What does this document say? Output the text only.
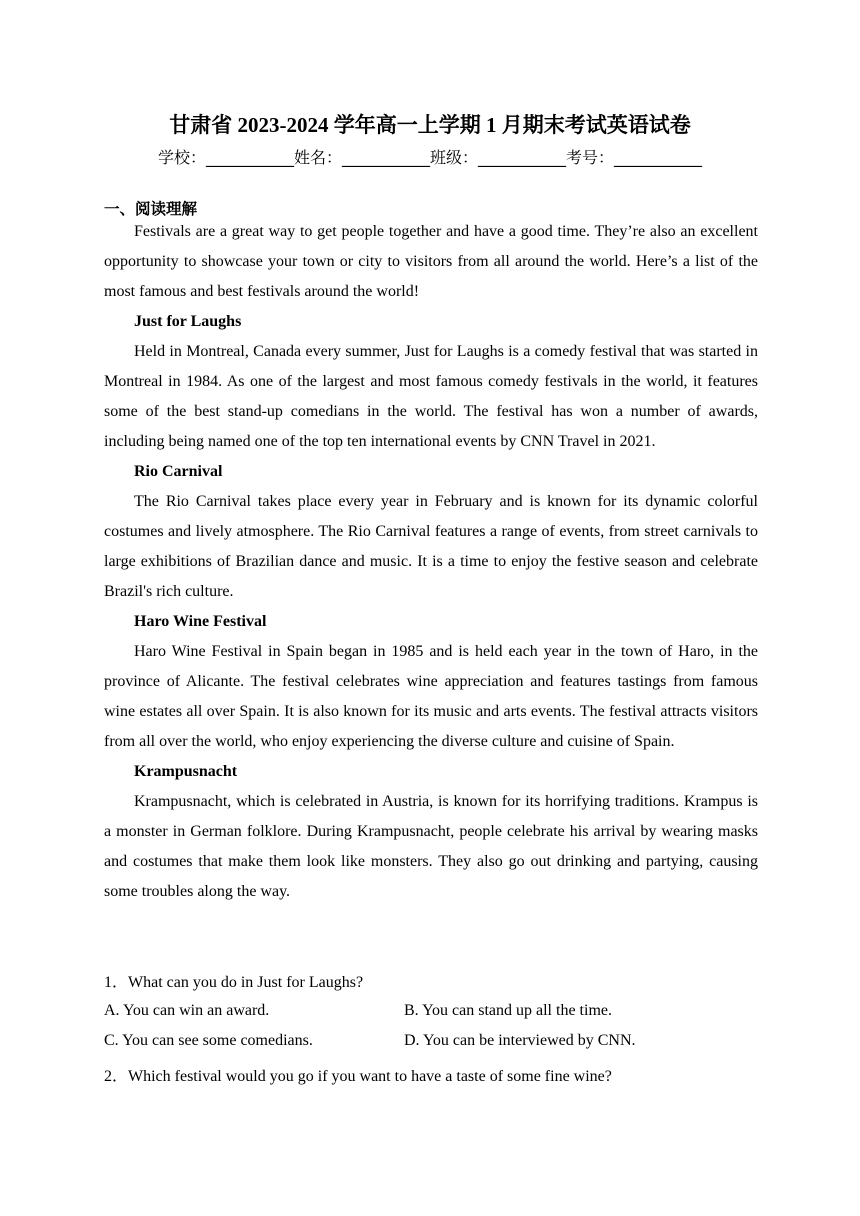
甘肃省 2023-2024 学年高一上学期 1 月期末考试英语试卷
学校：___________姓名：___________班级：___________考号：___________
一、阅读理解

Festivals are a great way to get people together and have a good time. They’re also an excellent opportunity to showcase your town or city to visitors from all around the world. Here’s a list of the most famous and best festivals around the world!

Just for Laughs

Held in Montreal, Canada every summer, Just for Laughs is a comedy festival that was started in Montreal in 1984. As one of the largest and most famous comedy festivals in the world, it features some of the best stand-up comedians in the world. The festival has won a number of awards, including being named one of the top ten international events by CNN Travel in 2021.

Rio Carnival

The Rio Carnival takes place every year in February and is known for its dynamic colorful costumes and lively atmosphere. The Rio Carnival features a range of events, from street carnivals to large exhibitions of Brazilian dance and music. It is a time to enjoy the festive season and celebrate Brazil's rich culture.

Haro Wine Festival

Haro Wine Festival in Spain began in 1985 and is held each year in the town of Haro, in the province of Alicante. The festival celebrates wine appreciation and features tastings from famous wine estates all over Spain. It is also known for its music and arts events. The festival attracts visitors from all over the world, who enjoy experiencing the diverse culture and cuisine of Spain.

Krampusnacht

Krampusnacht, which is celebrated in Austria, is known for its horrifying traditions. Krampus is a monster in German folklore. During Krampusnacht, people celebrate his arrival by wearing masks and costumes that make them look like monsters. They also go out drinking and partying, causing some troubles along the way.

1．What can you do in Just for Laughs?
A. You can win an award.	B. You can stand up all the time.
C. You can see some comedians.	D. You can be interviewed by CNN.
2．Which festival would you go if you want to have a taste of some fine wine?
